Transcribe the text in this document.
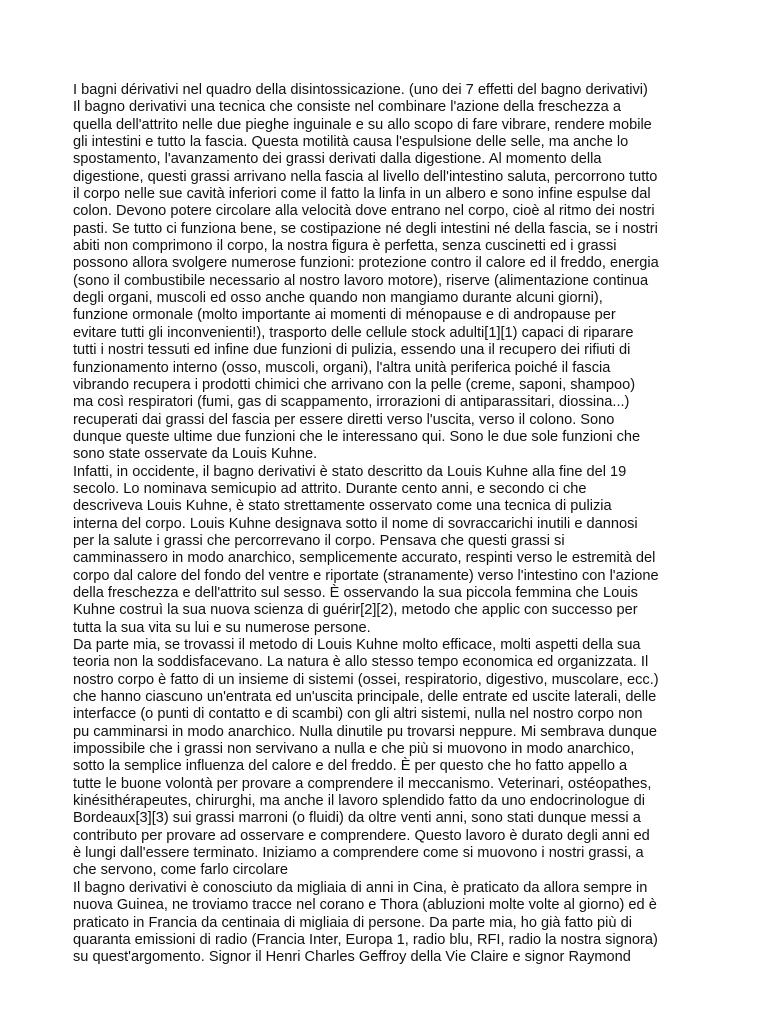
I bagni dérivativi nel quadro della disintossicazione. (uno dei 7 effetti del bagno derivativi)
Il bagno derivativi una tecnica che consiste nel combinare l'azione della freschezza a
quella dell'attrito nelle due pieghe inguinale e su allo scopo di fare vibrare, rendere mobile
gli intestini e tutto la fascia. Questa motilità causa l'espulsione delle selle, ma anche lo
spostamento, l'avanzamento dei grassi derivati dalla digestione. Al momento della
digestione, questi grassi arrivano nella fascia al livello dell'intestino saluta, percorrono tutto
il corpo nelle sue cavità inferiori come il fatto la linfa in un albero e sono infine espulse dal
colon. Devono potere circolare alla velocità dove entrano nel corpo, cioè al ritmo dei nostri
pasti. Se tutto ci funziona bene, se costipazione né degli intestini né della fascia, se i nostri
abiti non comprimono il corpo, la nostra figura è perfetta, senza cuscinetti ed i grassi
possono allora svolgere numerose funzioni: protezione contro il calore ed il freddo, energia
(sono il combustibile necessario al nostro lavoro motore), riserve (alimentazione continua
degli organi, muscoli ed osso anche quando non mangiamo durante alcuni giorni),
funzione ormonale (molto importante ai momenti di ménopause e di andropause per
evitare tutti gli inconvenienti!), trasporto delle cellule stock adulti[1][1) capaci di riparare
tutti i nostri tessuti ed infine due funzioni di pulizia, essendo una il recupero dei rifiuti di
funzionamento interno (osso, muscoli, organi), l'altra unità periferica poiché il fascia
vibrando recupera i prodotti chimici che arrivano con la pelle (creme, saponi, shampoo)
ma così respiratori (fumi, gas di scappamento, irrorazioni di antiparassitari, diossina...)
recuperati dai grassi del fascia per essere diretti verso l'uscita, verso il colono. Sono
dunque queste ultime due funzioni che le interessano qui. Sono le due sole funzioni che
sono state osservate da Louis Kuhne.
Infatti, in occidente, il bagno derivativi è stato descritto da Louis Kuhne alla fine del 19
secolo. Lo nominava semicupio ad attrito. Durante cento anni, e secondo ci che
descriveva Louis Kuhne, è stato strettamente osservato come una tecnica di pulizia
interna del corpo. Louis Kuhne designava sotto il nome di sovraccarichi inutili e dannosi
per la salute i grassi che percorrevano il corpo. Pensava che questi grassi si
camminassero in modo anarchico, semplicemente accurato, respinti verso le estremità del
corpo dal calore del fondo del ventre e riportate (stranamente) verso l'intestino con l'azione
della freschezza e dell'attrito sul sesso. È osservando la sua piccola femmina che Louis
Kuhne costruì la sua nuova scienza di guérir[2][2), metodo che applic con successo per
tutta la sua vita su lui e su numerose persone.
Da parte mia, se trovassi il metodo di Louis Kuhne molto efficace, molti aspetti della sua
teoria non la soddisfacevano. La natura è allo stesso tempo economica ed organizzata. Il
nostro corpo è fatto di un insieme di sistemi (ossei, respiratorio, digestivo, muscolare, ecc.)
che hanno ciascuno un'entrata ed un'uscita principale, delle entrate ed uscite laterali, delle
interfacce (o punti di contatto e di scambi) con gli altri sistemi, nulla nel nostro corpo non
pu camminarsi in modo anarchico. Nulla dinutile pu trovarsi neppure. Mi sembrava dunque
impossibile che i grassi non servivano a nulla e che più si muovono in modo anarchico,
sotto la semplice influenza del calore e del freddo. È per questo che ho fatto appello a
tutte le buone volontà per provare a comprendere il meccanismo. Veterinari, ostéopathes,
kinésithérapeutes, chirurghi, ma anche il lavoro splendido fatto da uno endocrinologue di
Bordeaux[3][3) sui grassi marroni (o fluidi) da oltre venti anni, sono stati dunque messi a
contributo per provare ad osservare e comprendere. Questo lavoro è durato degli anni ed
è lungi dall'essere terminato. Iniziamo a comprendere come si muovono i nostri grassi, a
che servono, come farlo circolare
Il bagno derivativi è conosciuto da migliaia di anni in Cina, è praticato da allora sempre in
nuova Guinea, ne troviamo tracce nel corano e Thora (abluzioni molte volte al giorno) ed è
praticato in Francia da centinaia di migliaia di persone. Da parte mia, ho già fatto più di
quaranta emissioni di radio (Francia Inter, Europa 1, radio blu, RFI, radio la nostra signora)
su quest'argomento. Signor il Henri Charles Geffroy della Vie Claire e signor Raymond
